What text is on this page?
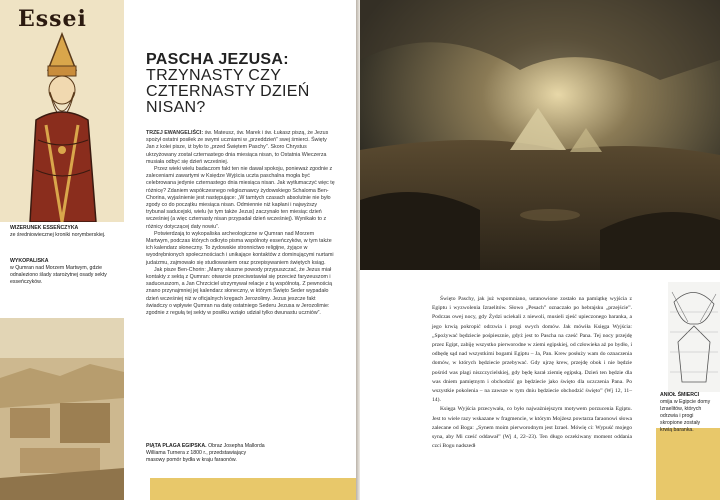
Essei
WIZERUNEK ESSEŃCZYKA
ze średniowiecznej kroniki norymberskiej.
WYKOPALISKA
w Qumran nad Morzem Martwym, gdzie odnaleziono ślady starożytnej osady sekty esseńczyków.
PASCHA JEZUSA:
TRZYNASTY CZY CZTERNASTY DZIEŃ NISAN?

TRZEJ EWANGELIŚCI: św. Mateusz, św. Marek i św. Łukasz piszą, że Jezus spożył ostatni posiłek ze swymi uczniami w „przeddzień” swej śmierci. Święty Jan z kolei pisze, iż było to „przed Świętem Paschy”. Skoro Chrystus ukrzyżowany został czternastego dnia miesiąca nisan, to Ostatnia Wieczerza musiała odbyć się dzień wcześniej.

Przez wieki wielu badaczom fakt ten nie dawał spokoju, ponieważ zgodnie z zaleceniami zawartymi w Księdze Wyjścia uczta paschalna mogła być celebrowana jedynie czternastego dnia miesiąca nisan. Jak wytłumaczyć więc tę różnicę? Zdaniem współczesnego religioznawcy żydowskiego Schaloma Ben-Chorina, wyjaśnienie jest następujące: „W tamtych czasach absolutnie nie było zgody co do początku miesiąca nisan. Odmiennie niż kapłani i najwyższy trybunał saducejski, wielu (w tym także Jezus) zaczynało ten miesiąc dzień wcześniej (a więc czternasty nisan przypadał dzień wcześniej). Wynikało to z różnicy dotyczącej daty nowiu”.

Potwierdzają to wykopaliska archeologiczne w Qumran nad Morzem Martwym, podczas których odkryto pisma wspólnoty esseńczyków, w tym także ich kalendarz słoneczny. To żydowskie stronnictwo religijne, żyjące w wyodrębnionych społecznościach i unikające kontaktów z dominującymi nurtami judaizmu, zajmowało się studiowaniem oraz przepisywaniem świętych ksiąg.

Jak pisze Ben-Chorin: „Mamy słuszne powody przypuszczać, że Jezus miał kontakty z sektą z Qumran: otwarcie przeciwstawiał się przecież faryzeuszom i saduceuszom, a Jan Chrzciciel utrzymywał relacje z tą wspólnotą. Z pewnością znano przynajmniej jej kalendarz słoneczny, w którym Święto Seder wypadało dzień wcześniej niż w oficjalnych kręgach Jerozolimy. Jezus jeszcze fakt świadczy o wpływie Qumran na datę ostatniego Sederu Jezusa w Jerozolimie: zgodnie z regułą tej sekty w posiłku wziąło udział tylko dwunastu uczniów”.

PIĄTA PLAGA EGIPSKA. Obraz Josepha Mallorda Williama Turnera z 1800 r., przedstawiający masowy pomór bydła w kraju faraonów.

Święto Paschy, jak już wspomniano, ustanowione zostało na pamiątkę wyjścia z Egiptu i wyzwolenia Izraelitów. Słowo „Pesach” oznaczało po hebrajsku „przejście”. Podczas owej nocy, gdy Żydzi uciekali z niewoli, musieli zjeść upieczonego baranka, a jego krwią pokropić odrzwia i progi swych domów. Jak mówiła Księga Wyjścia: „Spożywać będziecie pośpiesznie, gdyż jest to Pascha na cześć Pana. Tej nocy przejdę przez Egipt, zabiję wszystko pierworodne w ziemi egipskiej, od człowieka aż po bydło, i odbędę sąd nad wszystkimi bogami Egiptu – Ja, Pan. Krew posłuży wam do oznaczenia domów, w których będziecie przebywać. Gdy ujrzę krew, przejdę obok i nie będzie pośród was plagi niszczycielskiej, gdy będę karał ziemię egipską. Dzień ten będzie dla was dniem pamiętnym i obchodzić go będziecie jako święto dla uczczenia Pana. Po wszystkie pokolenia – na zawsze w tym dniu będziecie obchodzić święto” (Wj 12, 11–14).

Księga Wyjścia przecywała, co było najważniejszym motywem porzucenia Egiptu. Jest to wiele razy wskazane w fragmencie, w którym Mojżesz powtarza faraonowi słowa zalecane od Boga: „Synem moim pierworodnym jest Izrael. Mówię ci: Wypuść mojego syna, aby Mi cześć oddawał” (Wj 4, 22–23). Ten długo oczekiwany moment oddania czci Bogu nadszedł

ANIOŁ ŚMIERCI
omija w Egipcie domy Izraelitów, których odrzwia i progi skropione zostały krwią baranka.
